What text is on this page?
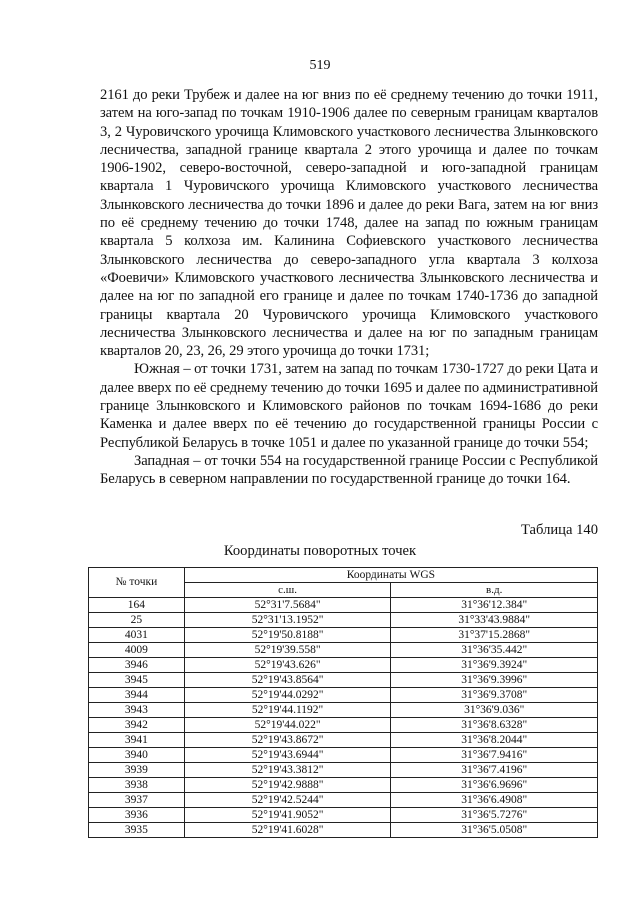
519

2161 до реки Трубеж и далее на юг вниз по её среднему течению до точки 1911, затем на юго-запад по точкам 1910-1906 далее по северным границам кварталов 3, 2 Чуровичского урочища Климовского участкового лесничества Злынковского лесничества, западной границе квартала 2 этого урочища и далее по точкам 1906-1902, северо-восточной, северо-западной и юго-западной границам квартала 1 Чуровичского урочища Климовского участкового лесничества Злынковского лесничества до точки 1896 и далее до реки Вага, затем на юг вниз по её среднему течению до точки 1748, далее на запад по южным границам квартала 5 колхоза им. Калинина Софиевского участкового лесничества Злынковского лесничества до северо-западного угла квартала 3 колхоза «Фоевичи» Климовского участкового лесничества Злынковского лесничества и далее на юг по западной его границе и далее по точкам 1740-1736 до западной границы квартала 20 Чуровичского урочища Климовского участкового лесничества Злынковского лесничества и далее на юг по западным границам кварталов 20, 23, 26, 29 этого урочища до точки 1731;

Южная – от точки 1731, затем на запад по точкам 1730-1727 до реки Цата и далее вверх по её среднему течению до точки 1695 и далее по административной границе Злынковского и Климовского районов по точкам 1694-1686 до реки Каменка и далее вверх по её течению до государственной границы России с Республикой Беларусь в точке 1051 и далее по указанной границе до точки 554;

Западная – от точки 554 на государственной границе России с Республикой Беларусь в северном направлении по государственной границе до точки 164.

Таблица 140
Координаты поворотных точек
№ точки	Координаты WGS	
	с.ш.	в.д.
164	52°31'7.5684"	31°36'12.384"
25	52°31'13.1952"	31°33'43.9884"
4031	52°19'50.8188"	31°37'15.2868"
4009	52°19'39.558"	31°36'35.442"
3946	52°19'43.626"	31°36'9.3924"
3945	52°19'43.8564"	31°36'9.3996"
3944	52°19'44.0292"	31°36'9.3708"
3943	52°19'44.1192"	31°36'9.036"
3942	52°19'44.022"	31°36'8.6328"
3941	52°19'43.8672"	31°36'8.2044"
3940	52°19'43.6944"	31°36'7.9416"
3939	52°19'43.3812"	31°36'7.4196"
3938	52°19'42.9888"	31°36'6.9696"
3937	52°19'42.5244"	31°36'6.4908"
3936	52°19'41.9052"	31°36'5.7276"
3935	52°19'41.6028"	31°36'5.0508"
